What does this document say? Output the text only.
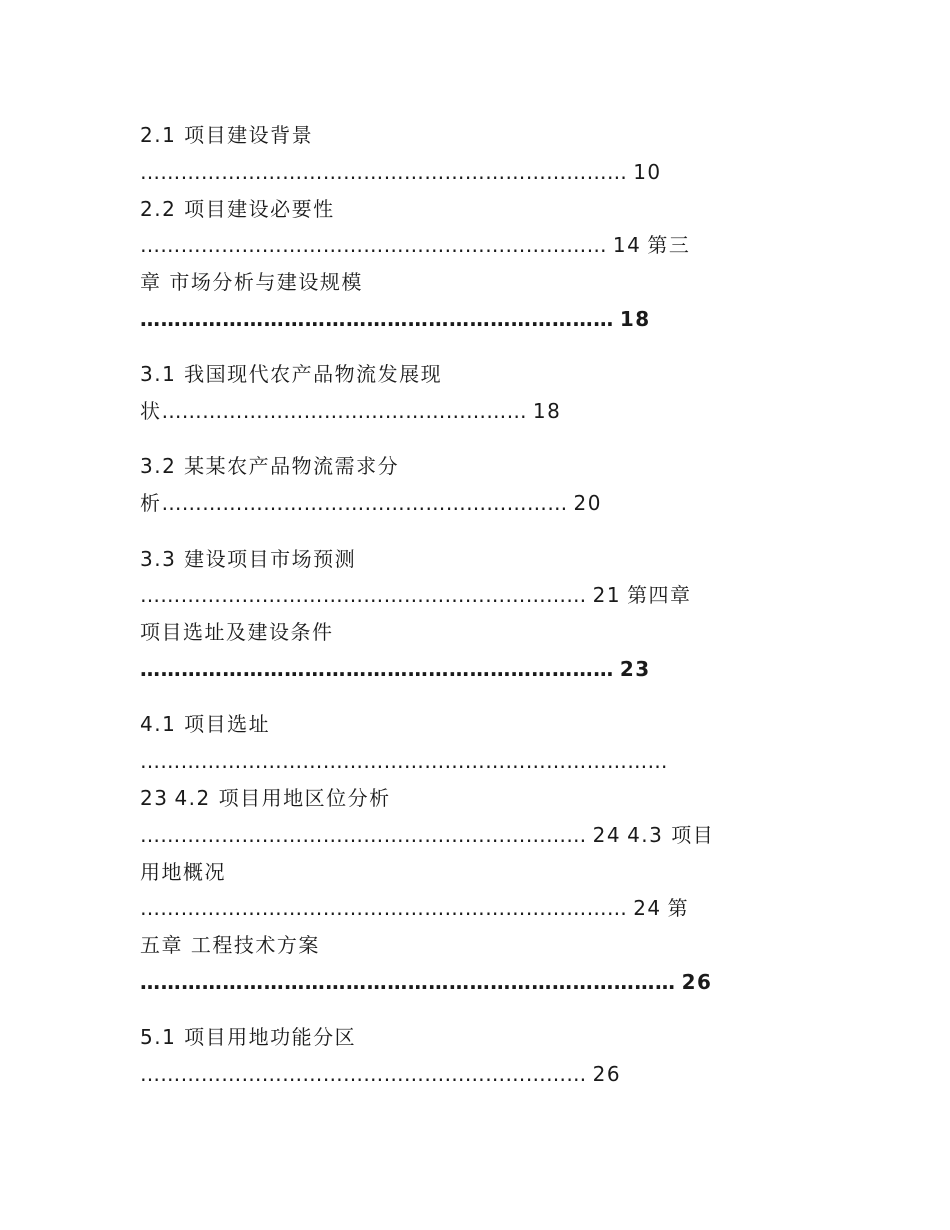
2.1 项目建设背景
……………………………………………………………… 10
2.2 项目建设必要性
…………………………………………………………… 14 第三
章 市场分析与建设规模
…………………………………………………………… 18
3.1 我国现代农产品物流发展现
状……………………………………………… 18
3.2 某某农产品物流需求分
析…………………………………………………… 20
3.3 建设项目市场预测
………………………………………………………… 21 第四章
项目选址及建设条件
…………………………………………………………… 23
4.1 项目选址
……………………………………………………………………
23 4.2 项目用地区位分析
………………………………………………………… 24 4.3 项目
用地概况
……………………………………………………………… 24 第
五章 工程技术方案
…………………………………………………………………… 26
5.1 项目用地功能分区
………………………………………………………… 26
